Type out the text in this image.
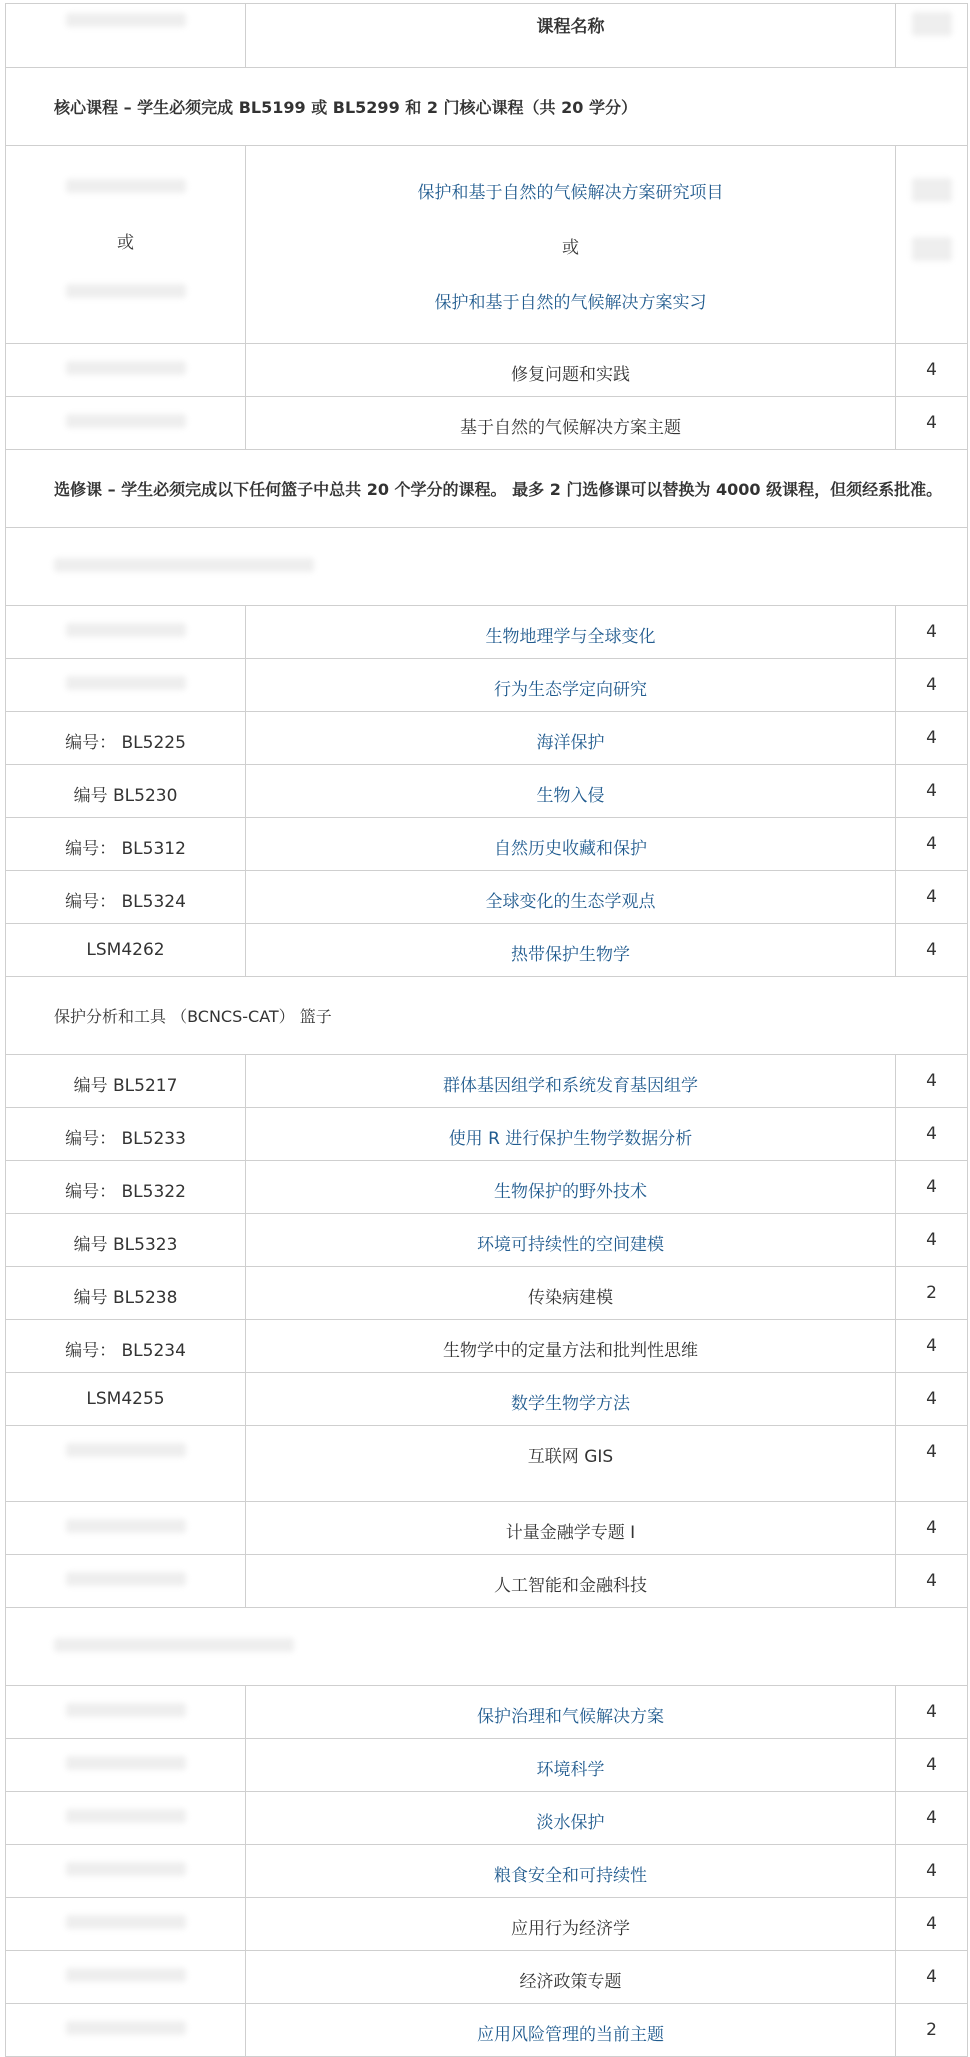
	课程名称	
核心课程 – 学生必须完成 BL5199 或 BL5299 和 2 门核心课程（共 20 学分）		

或	保护和基于自然的气候解决方案研究项目
或
保护和基于自然的气候解决方案实习	

	修复问题和实践	4
	基于自然的气候解决方案主题	4
选修课 – 学生必须完成以下任何篮子中总共 20 个学分的课程。 最多 2 门选修课可以替换为 4000 级课程，但须经系批准。		

	生物地理学与全球变化	4
	行为生态学定向研究	4
编号： BL5225	海洋保护	4
编号 BL5230	生物入侵	4
编号： BL5312	自然历史收藏和保护	4
编号： BL5324	全球变化的生态学观点	4
LSM4262	热带保护生物学	4
保护分析和工具 （BCNCS-CAT） 篮子		
编号 BL5217	群体基因组学和系统发育基因组学	4
编号： BL5233	使用 R 进行保护生物学数据分析	4
编号： BL5322	生物保护的野外技术	4
编号 BL5323	环境可持续性的空间建模	4
编号 BL5238	传染病建模	2
编号： BL5234	生物学中的定量方法和批判性思维	4
LSM4255	数学生物学方法	4
	互联网 GIS	4
	计量金融学专题 I	4
	人工智能和金融科技	4

	保护治理和气候解决方案	4
	环境科学	4
	淡水保护	4
	粮食安全和可持续性	4
	应用行为经济学	4
	经济政策专题	4
	应用风险管理的当前主题	2
